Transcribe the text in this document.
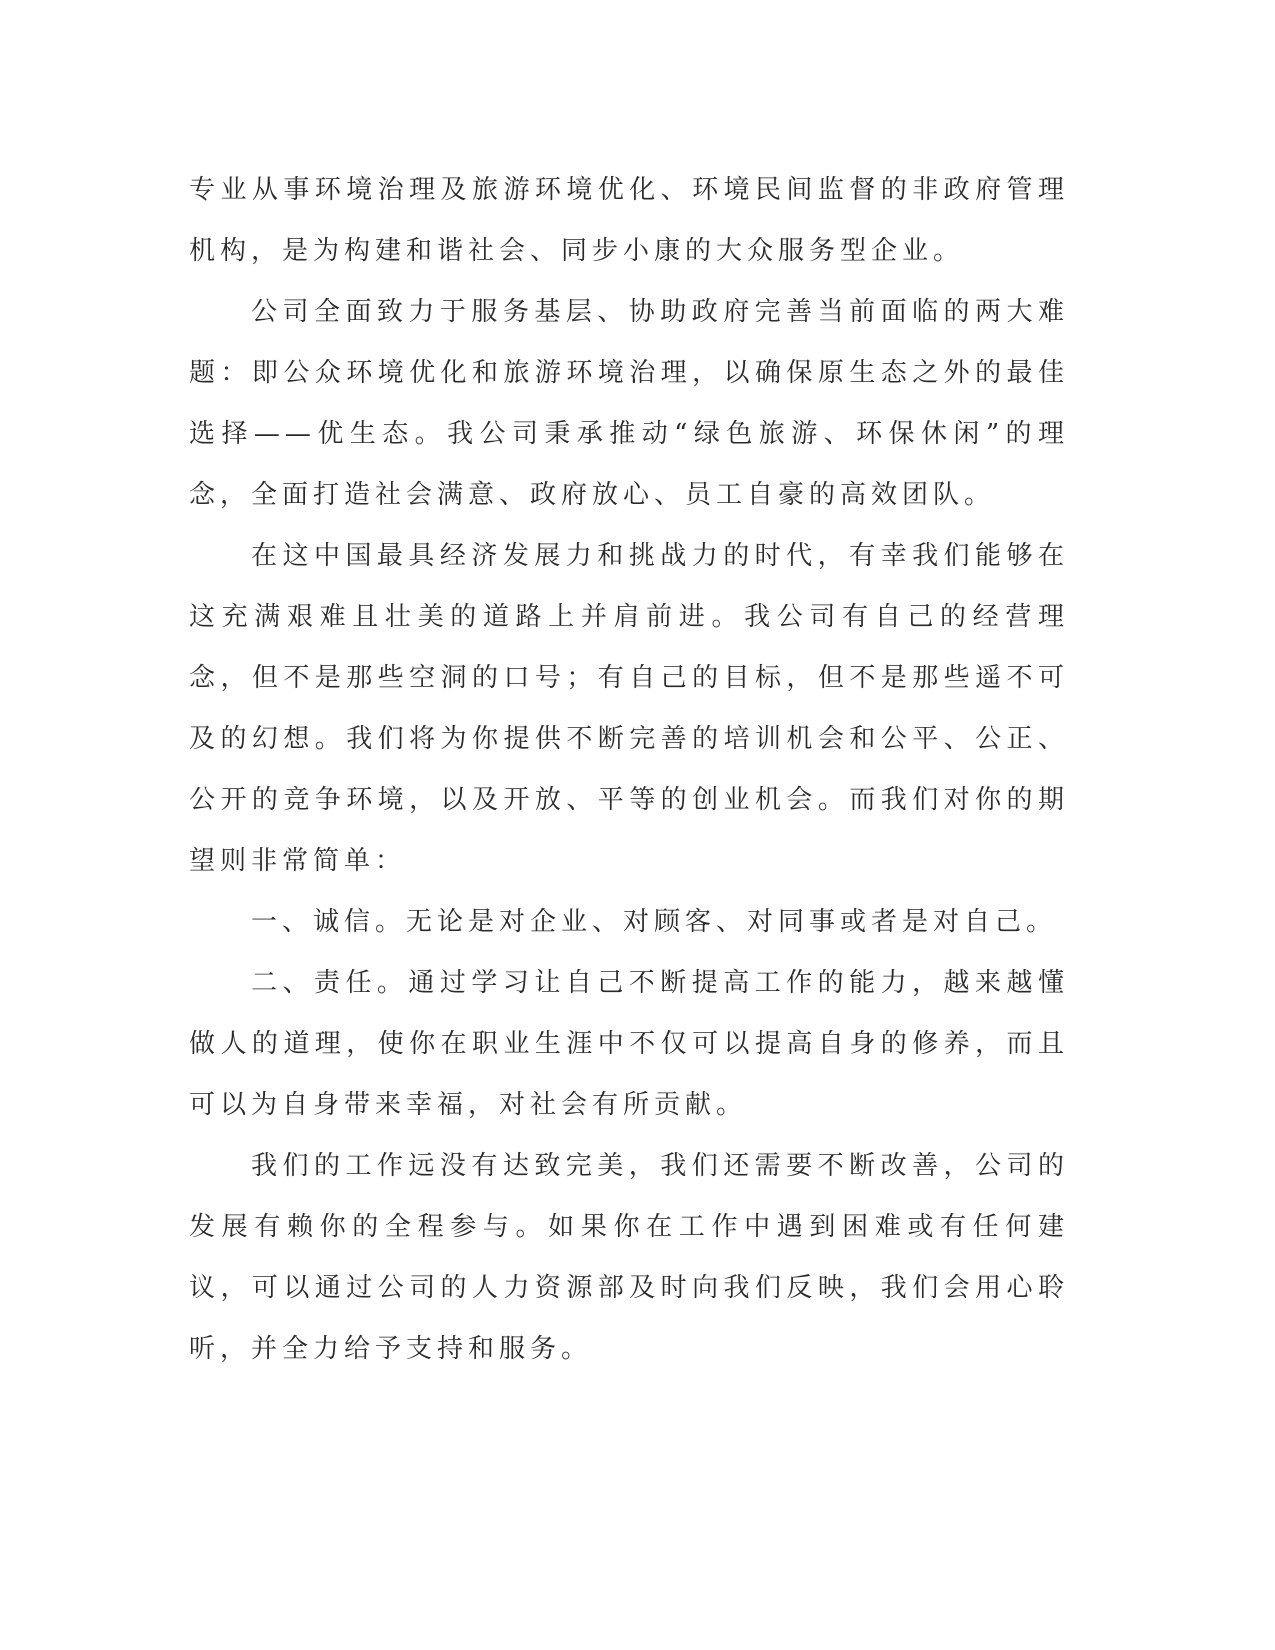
专业从事环境治理及旅游环境优化、环境民间监督的非政府管理机构，是为构建和谐社会、同步小康的大众服务型企业。

公司全面致力于服务基层、协助政府完善当前面临的两大难题：即公众环境优化和旅游环境治理，以确保原生态之外的最佳选择——优生态。我公司秉承推动“绿色旅游、环保休闲”的理念，全面打造社会满意、政府放心、员工自豪的高效团队。

在这中国最具经济发展力和挑战力的时代，有幸我们能够在这充满艰难且壮美的道路上并肩前进。我公司有自己的经营理念，但不是那些空洞的口号；有自己的目标，但不是那些遥不可及的幻想。我们将为你提供不断完善的培训机会和公平、公正、公开的竞争环境，以及开放、平等的创业机会。而我们对你的期望则非常简单：

一、诚信。无论是对企业、对顾客、对同事或者是对自己。

二、责任。通过学习让自己不断提高工作的能力，越来越懂做人的道理，使你在职业生涯中不仅可以提高自身的修养，而且可以为自身带来幸福，对社会有所贡献。

我们的工作远没有达致完美，我们还需要不断改善，公司的发展有赖你的全程参与。如果你在工作中遇到困难或有任何建议，可以通过公司的人力资源部及时向我们反映，我们会用心聆听，并全力给予支持和服务。
